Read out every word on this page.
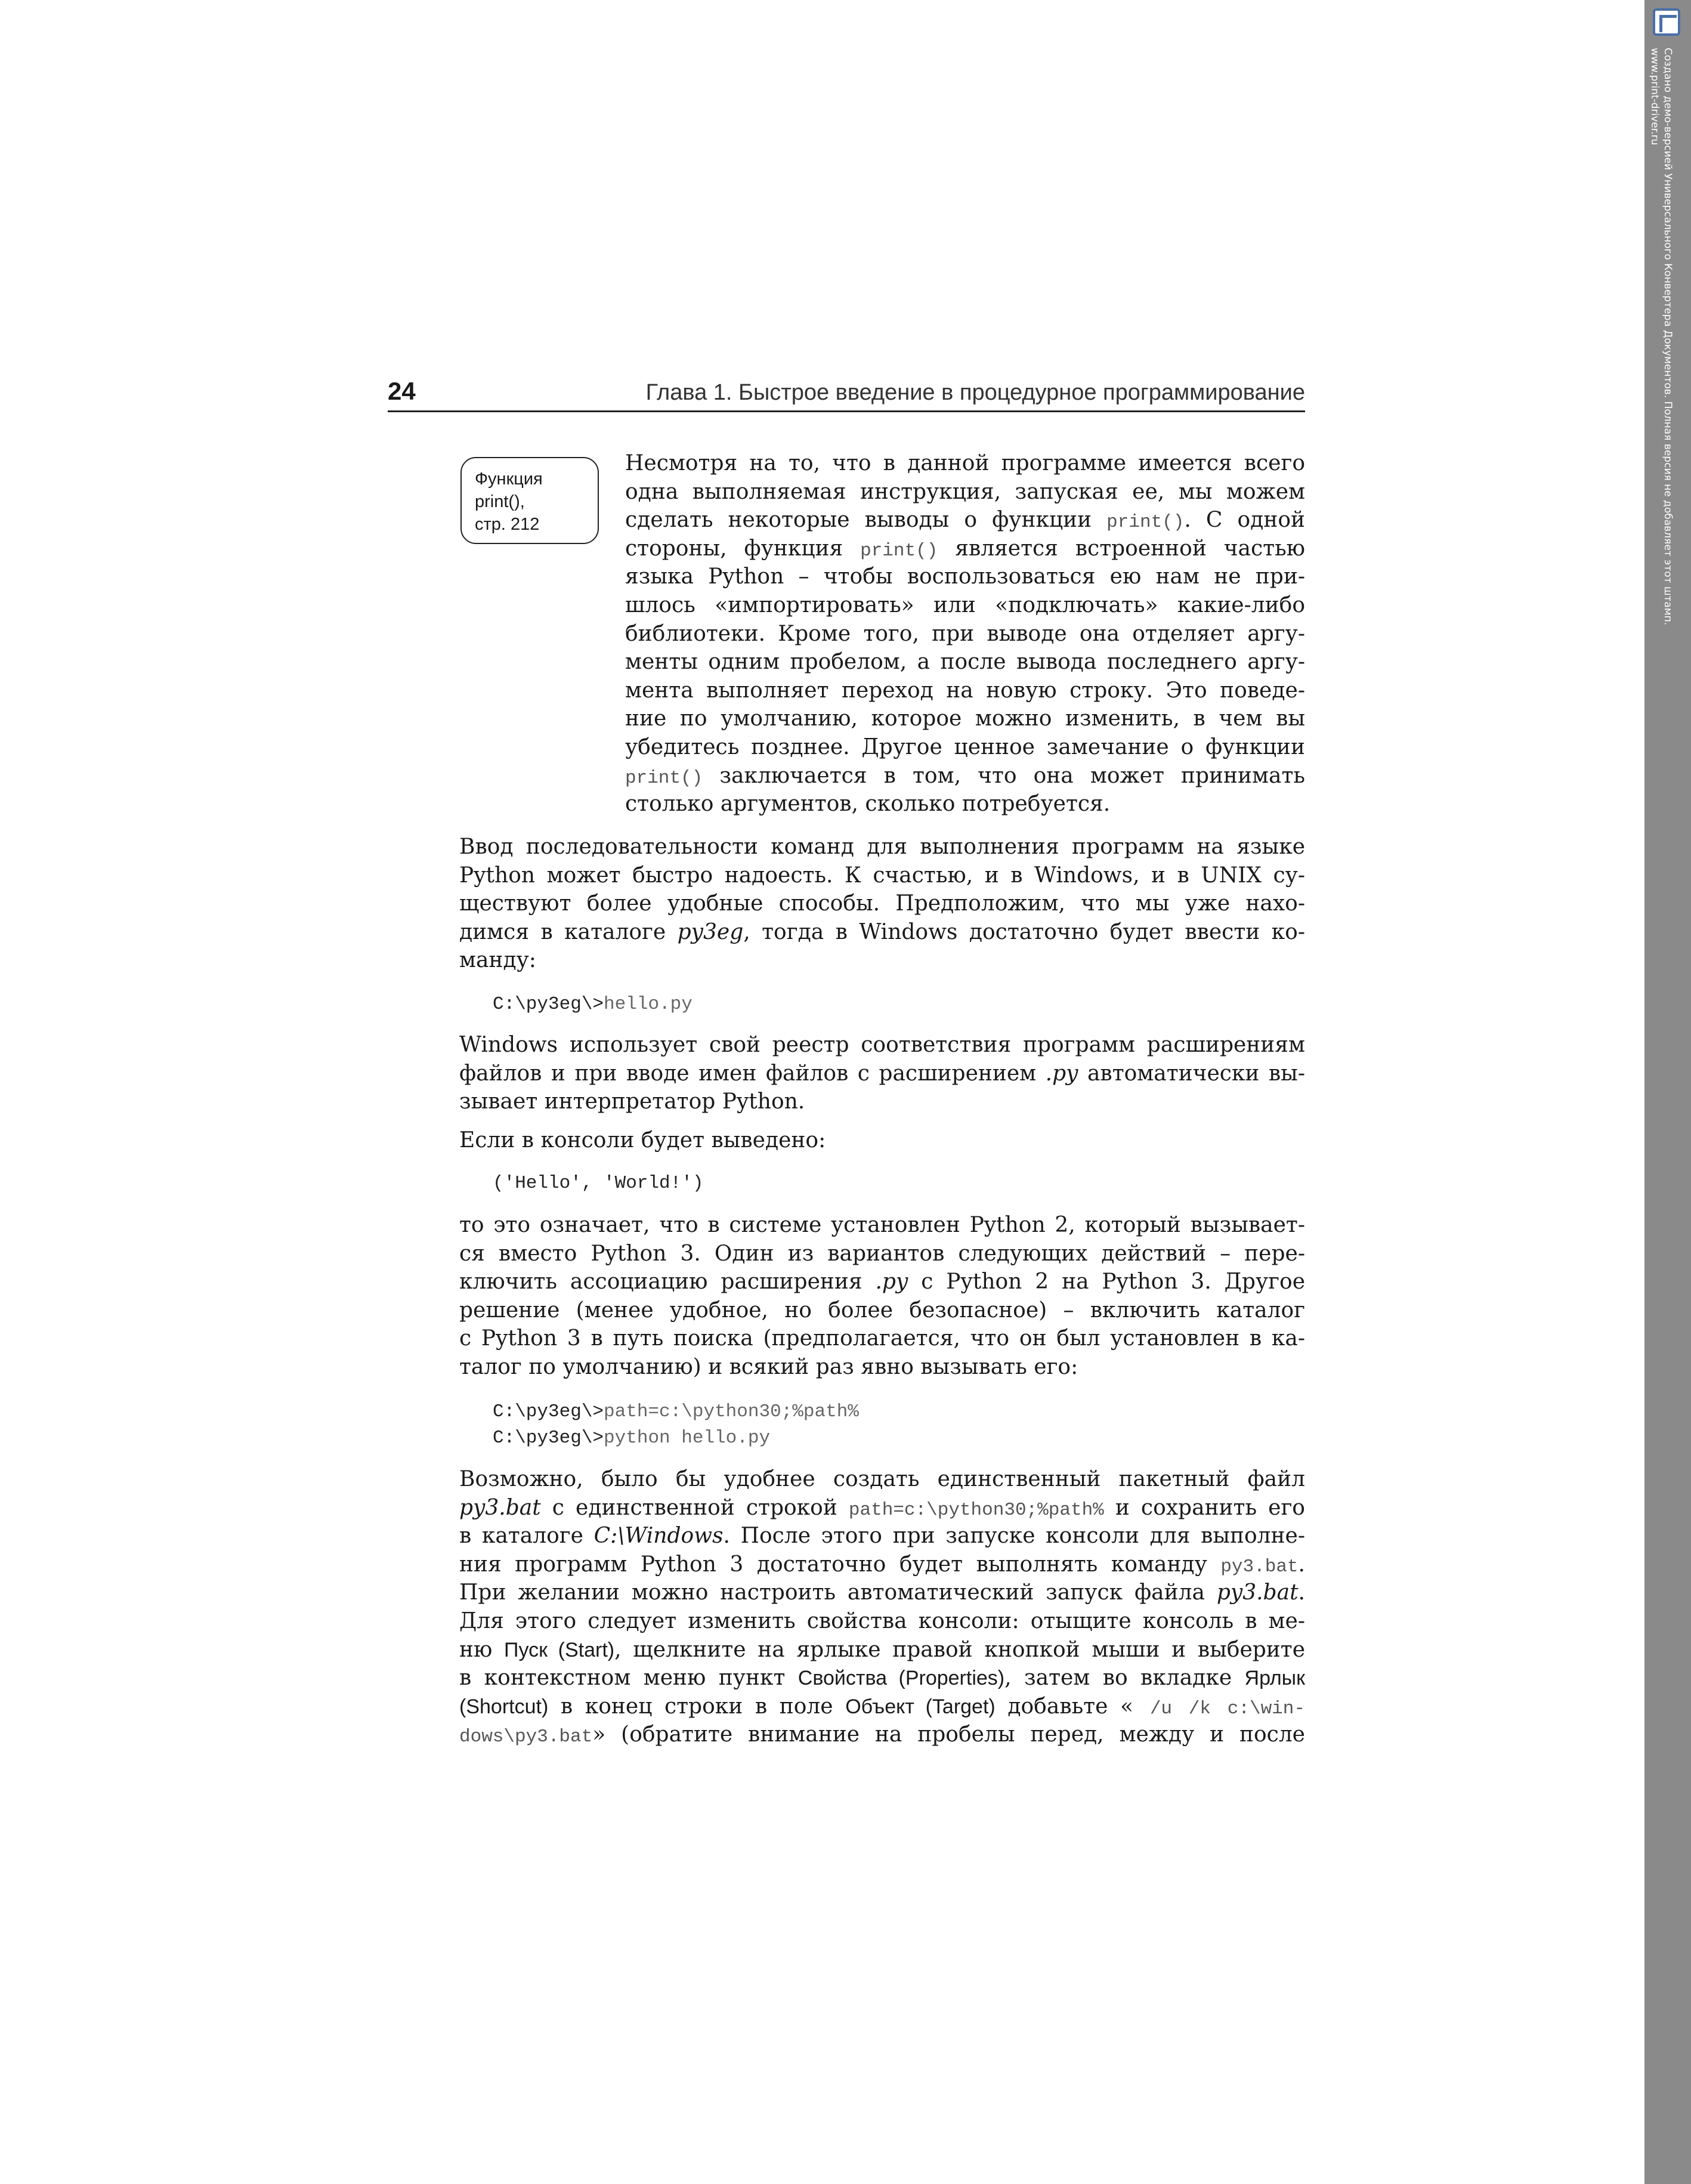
Создано демо-версией Универсального Конвертера Документов. Полная версия не добавляет этот штамп.
www.print-driver.ru
24	Глава 1. Быстрое введение в процедурное программирование
Функция
print(),
стр. 212
Несмотря на то, что в данной программе имеется всего
одна выполняемая инструкция, запуская ее, мы можем
сделать некоторые выводы о функции print(). С одной
стороны, функция print() является встроенной частью
языка Python – чтобы воспользоваться ею нам не при-
шлось «импортировать» или «подключать» какие-либо
библиотеки. Кроме того, при выводе она отделяет аргу-
менты одним пробелом, а после вывода последнего аргу-
мента выполняет переход на новую строку. Это поведе-
ние по умолчанию, которое можно изменить, в чем вы
убедитесь позднее. Другое ценное замечание о функции
print() заключается в том, что она может принимать
столько аргументов, сколько потребуется.
Ввод последовательности команд для выполнения программ на языке
Python может быстро надоесть. К счастью, и в Windows, и в UNIX су-
ществуют более удобные способы. Предположим, что мы уже нахо-
димся в каталоге py3eg, тогда в Windows достаточно будет ввести ко-
манду:
C:\py3eg\>hello.py
Windows использует свой реестр соответствия программ расширениям
файлов и при вводе имен файлов с расширением .py автоматически вы-
зывает интерпретатор Python.
Если в консоли будет выведено:
('Hello', 'World!')
то это означает, что в системе установлен Python 2, который вызывает-
ся вместо Python 3. Один из вариантов следующих действий – пере-
ключить ассоциацию расширения .py с Python 2 на Python 3. Другое
решение (менее удобное, но более безопасное) – включить каталог
с Python 3 в путь поиска (предполагается, что он был установлен в ка-
талог по умолчанию) и всякий раз явно вызывать его:
C:\py3eg\>path=c:\python30;%path%
C:\py3eg\>python hello.py
Возможно, было бы удобнее создать единственный пакетный файл
py3.bat с единственной строкой path=c:\python30;%path% и сохранить его
в каталоге C:\Windows. После этого при запуске консоли для выполне-
ния программ Python 3 достаточно будет выполнять команду py3.bat.
При желании можно настроить автоматический запуск файла py3.bat.
Для этого следует изменить свойства консоли: отыщите консоль в ме-
ню Пуск (Start), щелкните на ярлыке правой кнопкой мыши и выберите
в контекстном меню пункт Свойства (Properties), затем во вкладке Ярлык
(Shortcut) в конец строки в поле Объект (Target) добавьте « /u /k c:\win-
dows\py3.bat» (обратите внимание на пробелы перед, между и после
